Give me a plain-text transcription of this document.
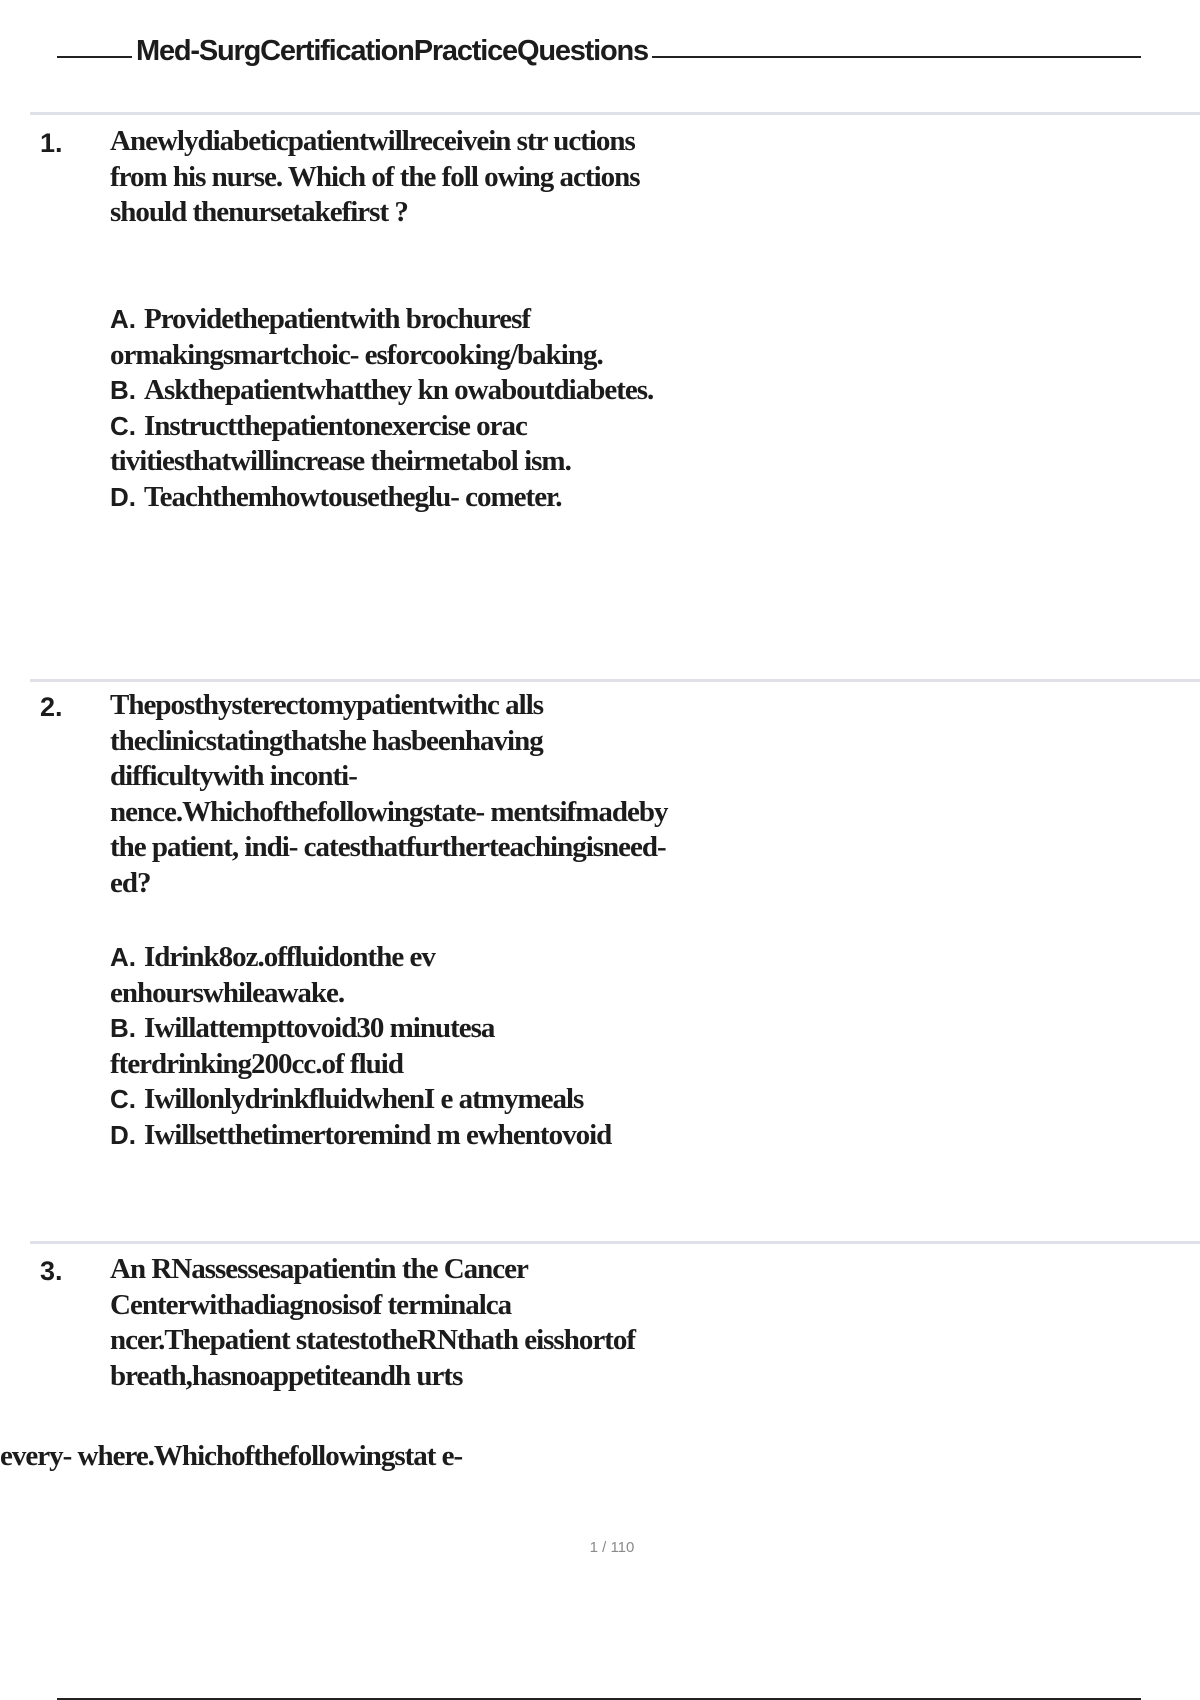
Med-SurgCertificationPracticeQuestions
1. Anewlydiabeticpatientwillreceivein str uctions from his nurse. Which of the foll owing actions should thenursetakefirst ?

A. Providethepatientwith brochuresf ormakingsmartchoic- esforcooking/baking.
B. Askthepatientwhatthey kn owaboutdiabetes.
C. Instructthepatientonexercise orac tivitiesthatwillincrease theirmetabol ism.
D. Teachthemhowtousetheglu- cometer.
2. Theposthysterectomypatientwithc alls theclinicstatingthatshe hasbeenhaving difficultywith inconti- nence.Whichofthefollowingstate- mentsifmadeby the patient, indi- catesthatfurtherteachingisneed- ed?

A. Idrink8oz.offluidonthe ev enhourswhileawake.
B. Iwillattempttovoid30 minutesa fterdrinking200cc.of fluid
C. IwillonlydrinkfluidwhenI e atmymeals
D. Iwillsetthetimertoremind m ewhentovoid
3. An RNassessesapatientin the Cancer Centerwithadiagnosisof terminalca ncer.Thepatient statestotheRNthath eisshortof breath,hasnoappetiteandh urts

every- where.Whichofthefollowingstat e-

1 / 110
